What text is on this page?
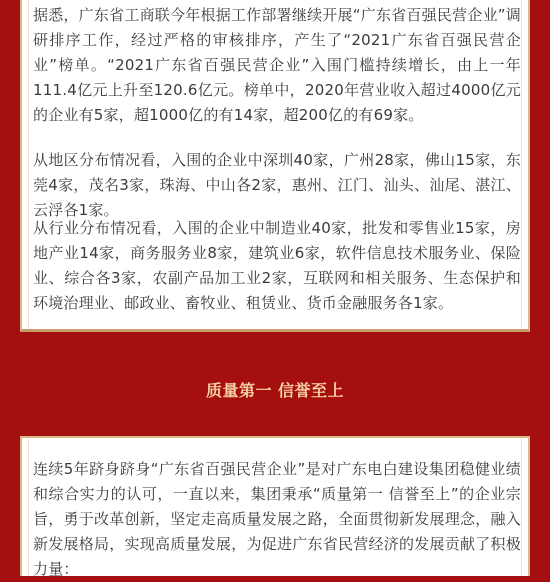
据悉，广东省工商联今年根据工作部署继续开展“广东省百强民营企业”调研排序工作，经过严格的审核排序，产生了“2021广东省百强民营企业”榜单。“2021广东省百强民营企业”入围门槛持续增长，由上一年111.4亿元上升至120.6亿元。榜单中，2020年营业收入超过4000亿元的企业有5家，超1000亿的有14家，超200亿的有69家。

从地区分布情况看，入围的企业中深圳40家，广州28家，佛山15家，东莞4家，茂名3家，珠海、中山各2家，惠州、江门、汕头、汕尾、湛江、云浮各1家。

从行业分布情况看，入围的企业中制造业40家，批发和零售业15家，房地产业14家，商务服务业8家，建筑业6家，软件信息技术服务业、保险业、综合各3家，农副产品加工业2家，互联网和相关服务、生态保护和环境治理业、邮政业、畜牧业、租赁业、货币金融服务各1家。

质量第一 信誉至上

连续5年跻身跻身“广东省百强民营企业”是对广东电白建设集团稳健业绩和综合实力的认可，一直以来，集团秉承“质量第一 信誉至上”的企业宗旨，勇于改革创新，坚定走高质量发展之路，全面贯彻新发展理念，融入新发展格局，实现高质量发展，为促进广东省民营经济的发展贡献了积极力量：
